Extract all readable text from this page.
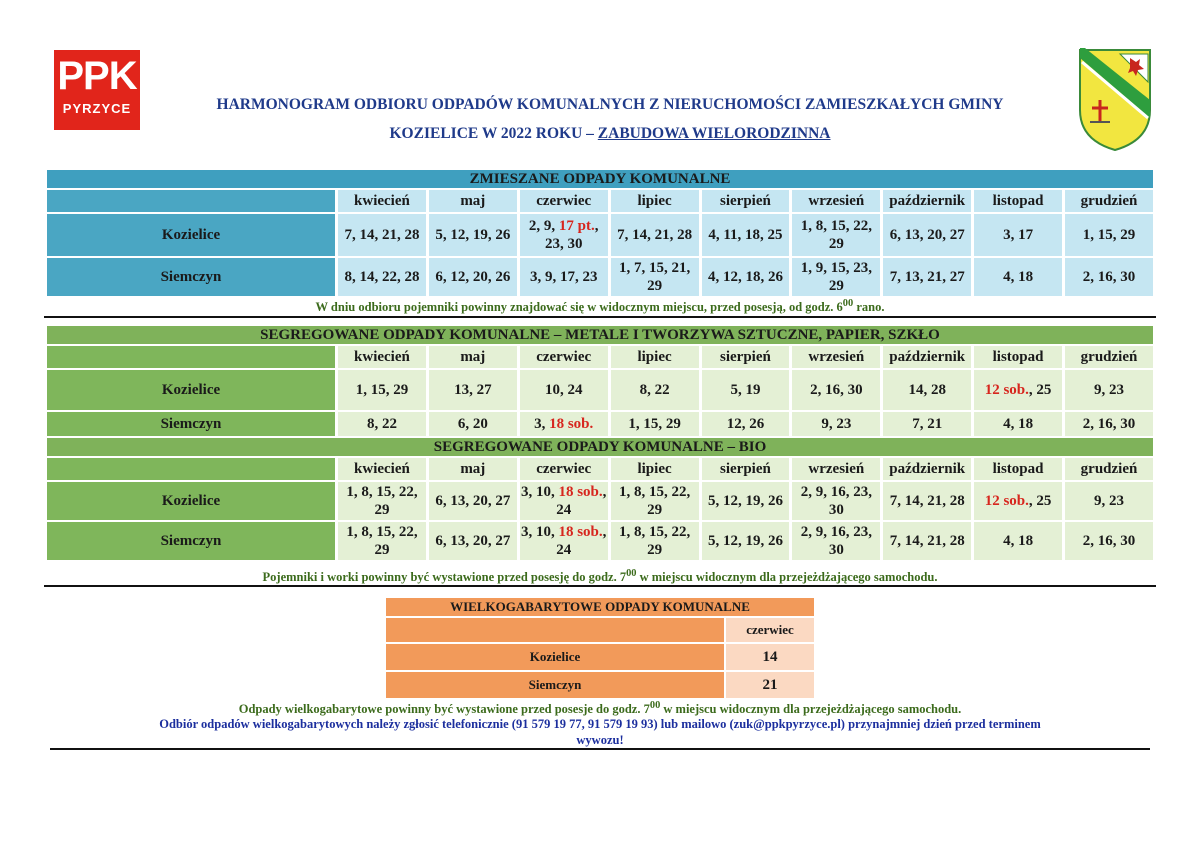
PPK
PYRZYCE	HARMONOGRAM ODBIORU ODPADÓW KOMUNALNYCH Z NIERUCHOMOŚCI ZAMIESZKAŁYCH GMINY
KOZIELICE W 2022 ROKU – ZABUDOWA WIELORODZINNA
ZMIESZANE ODPADY KOMUNALNE									
	kwiecień	maj	czerwiec	lipiec	sierpień	wrzesień	październik	listopad	grudzień
Kozielice	7, 14, 21, 28	5, 12, 19, 26	2, 9, 17 pt., 23, 30	7, 14, 21, 28	4, 11, 18, 25	1, 8, 15, 22, 29	6, 13, 20, 27	3, 17	1, 15, 29
Siemczyn	8, 14, 22, 28	6, 12, 20, 26	3, 9, 17, 23	1, 7, 15, 21, 29	4, 12, 18, 26	1, 9, 15, 23, 29	7, 13, 21, 27	4, 18	2, 16, 30
W dniu odbioru pojemniki powinny znajdować się w widocznym miejscu, przed posesją, od godz. $6^{00}$ rano.
SEGREGOWANE ODPADY KOMUNALNE – METALE I TWORZYWA SZTUCZNE, PAPIER, SZKŁO									
	kwiecień	maj	czerwiec	lipiec	sierpień	wrzesień	październik	listopad	grudzień
Kozielice	1, 15, 29	13, 27	10, 24	8, 22	5, 19	2, 16, 30	14, 28	12 sob., 25	9, 23
Siemczyn	8, 22	6, 20	3, 18 sob.	1, 15, 29	12, 26	9, 23	7, 21	4, 18	2, 16, 30
SEGREGOWANE ODPADY KOMUNALNE – BIO									
	kwiecień	maj	czerwiec	lipiec	sierpień	wrzesień	październik	listopad	grudzień
Kozielice	1, 8, 15, 22, 29	6, 13, 20, 27	3, 10, 18 sob., 24	1, 8, 15, 22, 29	5, 12, 19, 26	2, 9, 16, 23, 30	7, 14, 21, 28	12 sob., 25	9, 23
Siemczyn	1, 8, 15, 22, 29	6, 13, 20, 27	3, 10, 18 sob., 24	1, 8, 15, 22, 29	5, 12, 19, 26	2, 9, 16, 23, 30	7, 14, 21, 28	4, 18	2, 16, 30
Pojemniki i worki powinny być wystawione przed posesję do godz. $7^{00}$ w miejscu widocznym dla przejeżdżającego samochodu.
WIELKOGABARYTOWE ODPADY KOMUNALNE	
	czerwiec
Kozielice	14
Siemczyn	21
Odpady wielkogabarytowe powinny być wystawione przed posesje do godz. $7^{00}$ w miejscu widocznym dla przejeżdżającego samochodu.
Odbiór odpadów wielkogabarytowych należy zgłosić telefonicznie (91 579 19 77, 91 579 19 93) lub mailowo (zuk@ppkpyrzyce.pl) przynajmniej dzień przed terminem
wywozu!
